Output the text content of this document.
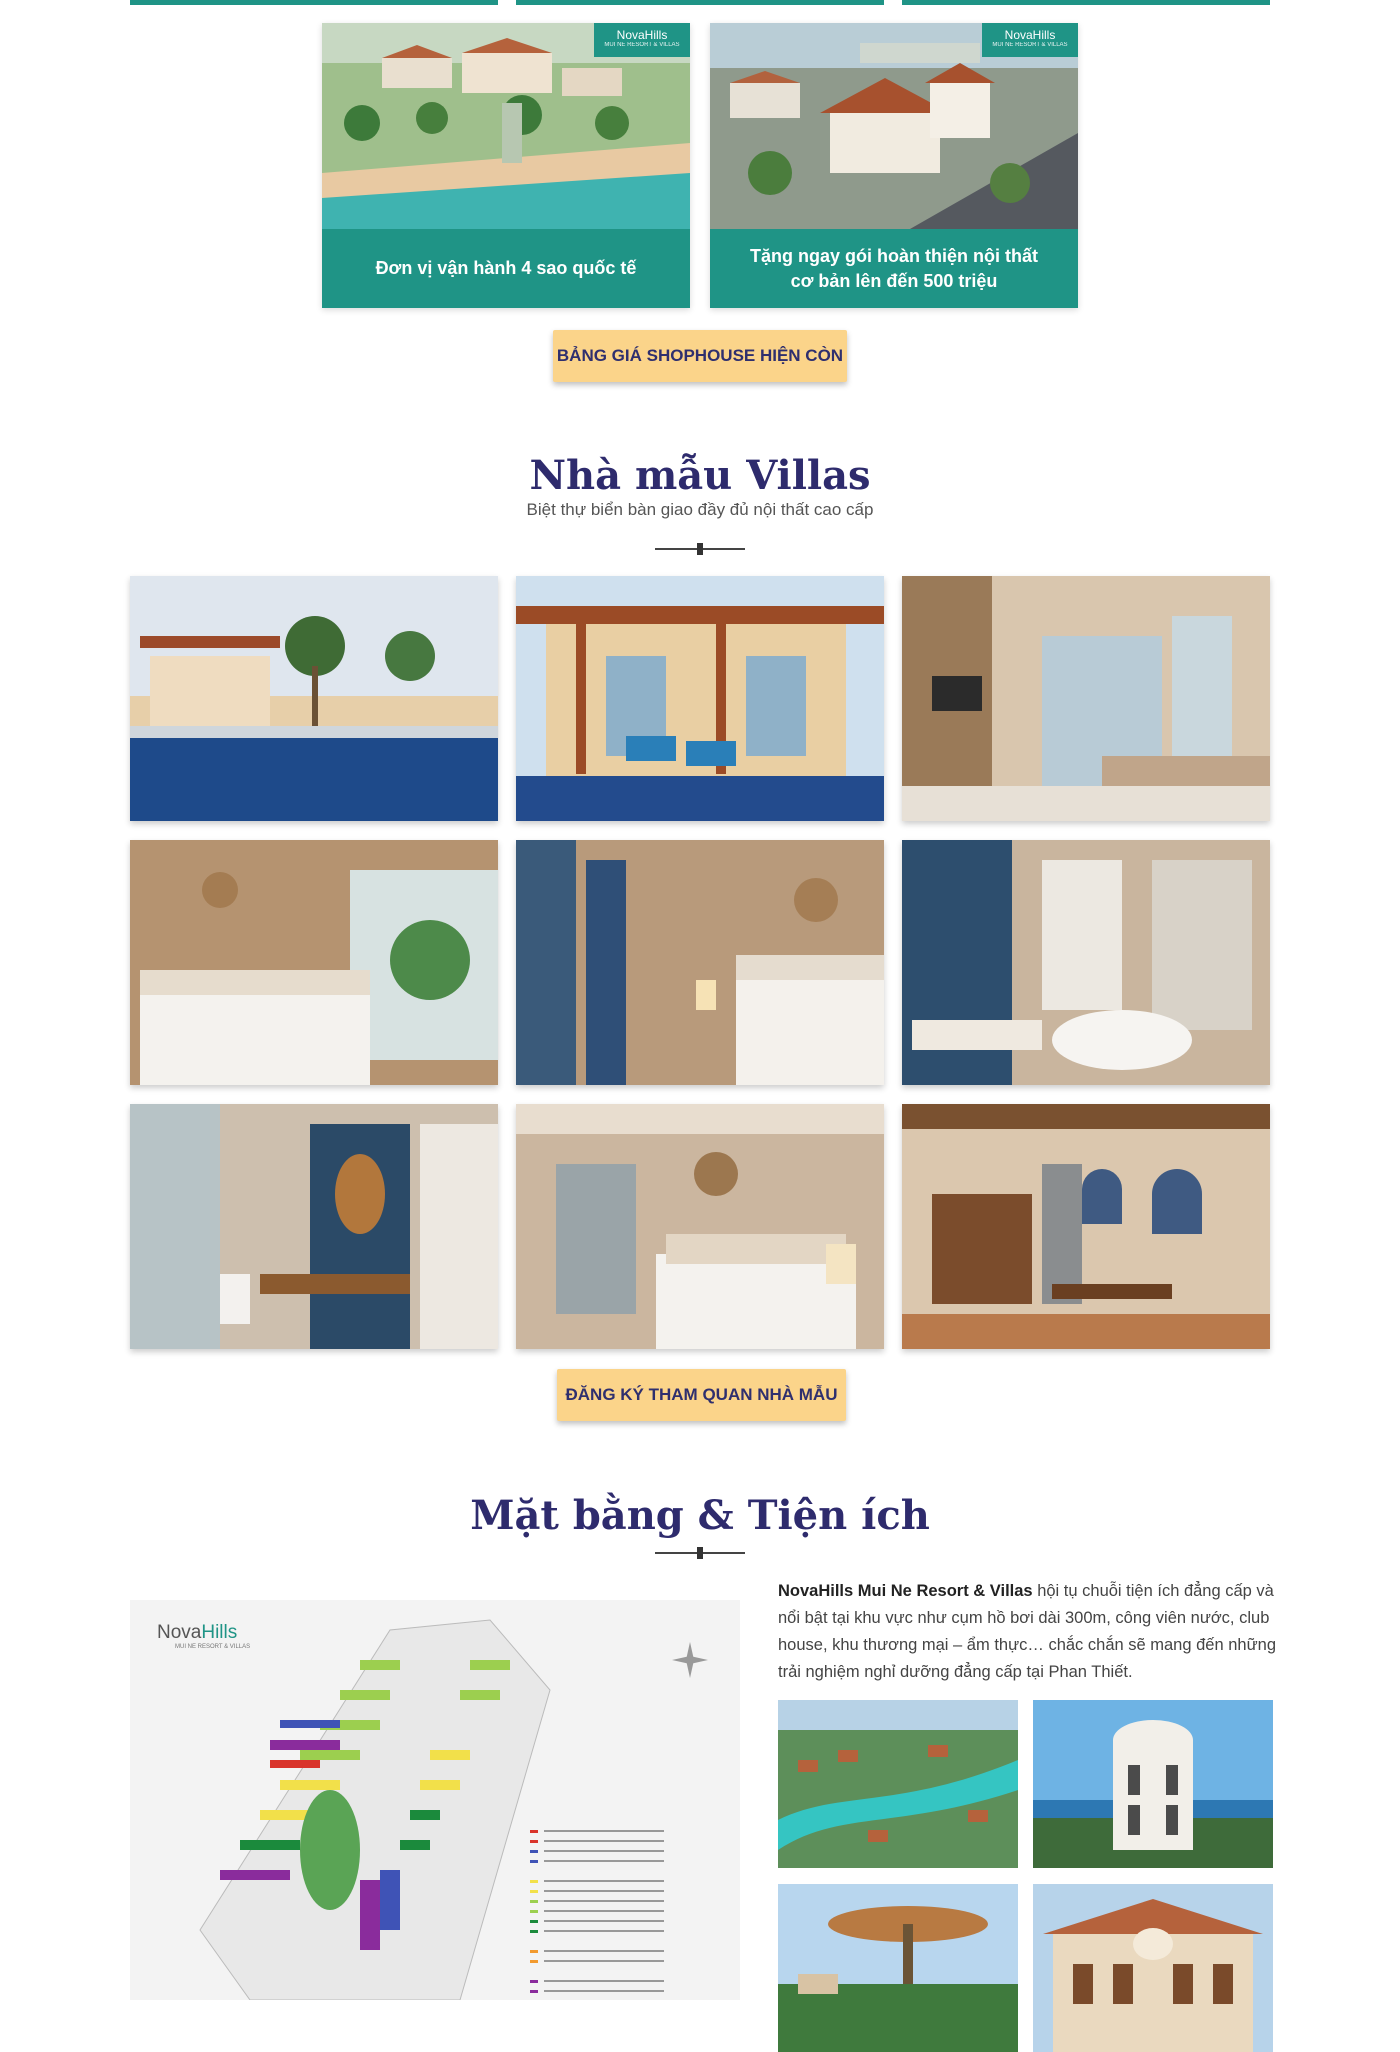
NovaHills
MUI NE RESORT & VILLAS
Đơn vị vận hành 4 sao quốc tế
NovaHills
MUI NE RESORT & VILLAS
Tặng ngay gói hoàn thiện nội thất cơ bản lên đến 500 triệu
BẢNG GIÁ SHOPHOUSE HIỆN CÒN
Nhà mẫu Villas
Biệt thự biển bàn giao đầy đủ nội thất cao cấp
ĐĂNG KÝ THAM QUAN NHÀ MẪU
Mặt bằng & Tiện ích
NovaHills
MUI NE RESORT & VILLAS
NovaHills Mui Ne Resort & Villas hội tụ chuỗi tiện ích đẳng cấp và nổi bật tại khu vực như cụm hồ bơi dài 300m, công viên nước, club house, khu thương mại – ẩm thực… chắc chắn sẽ mang đến những trải nghiệm nghỉ dưỡng đẳng cấp tại Phan Thiết.
